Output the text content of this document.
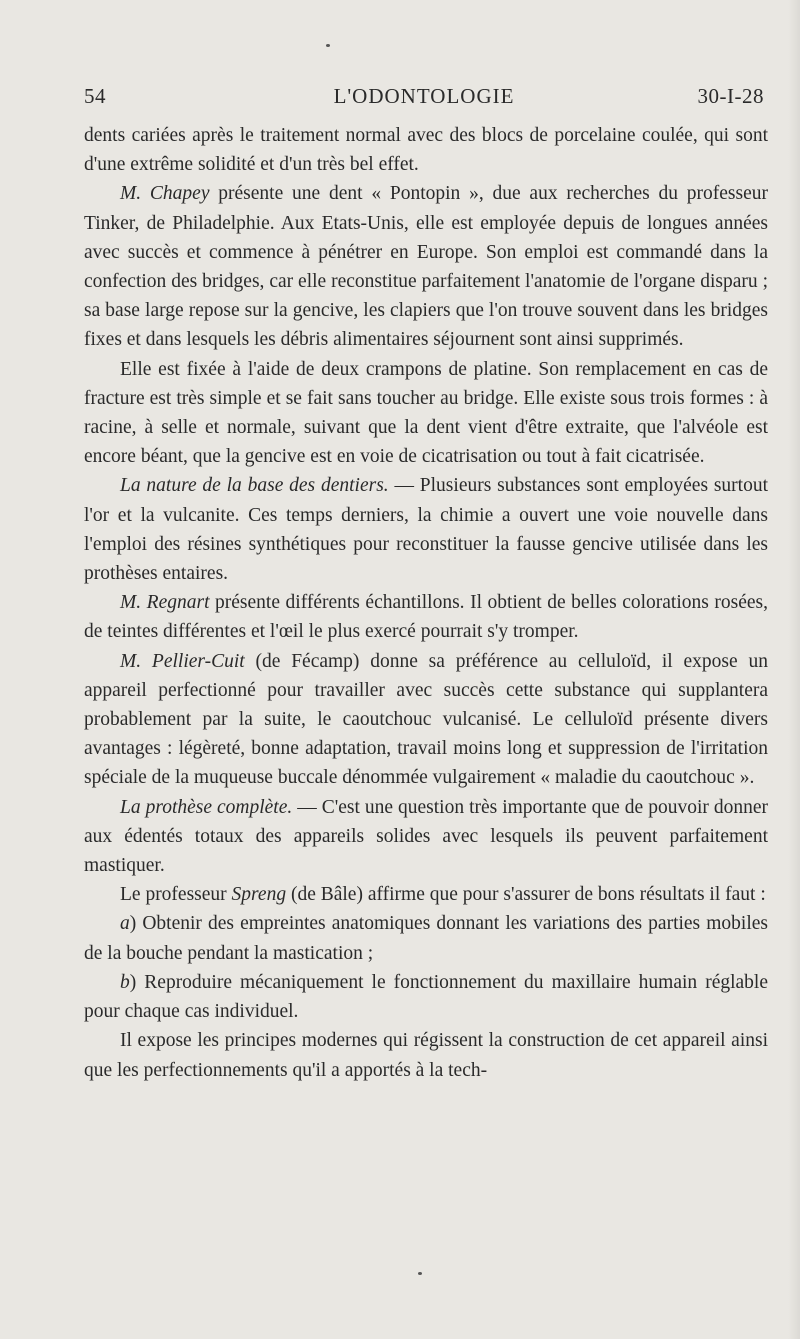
54	L'ODONTOLOGIE	30-I-28

dents cariées après le traitement normal avec des blocs de porcelaine coulée, qui sont d'une extrême solidité et d'un très bel effet.

M. Chapey présente une dent « Pontopin », due aux recherches du professeur Tinker, de Philadelphie. Aux Etats-Unis, elle est employée depuis de longues années avec succès et commence à pénétrer en Europe. Son emploi est commandé dans la confection des bridges, car elle reconstitue parfaitement l'anatomie de l'organe disparu ; sa base large repose sur la gencive, les clapiers que l'on trouve souvent dans les bridges fixes et dans lesquels les débris alimentaires séjournent sont ainsi supprimés.

Elle est fixée à l'aide de deux crampons de platine. Son remplacement en cas de fracture est très simple et se fait sans toucher au bridge. Elle existe sous trois formes : à racine, à selle et normale, suivant que la dent vient d'être extraite, que l'alvéole est encore béant, que la gencive est en voie de cicatrisation ou tout à fait cicatrisée.

La nature de la base des dentiers. — Plusieurs substances sont employées surtout l'or et la vulcanite. Ces temps derniers, la chimie a ouvert une voie nouvelle dans l'emploi des résines synthétiques pour reconstituer la fausse gencive utilisée dans les prothèses entaires.

M. Regnart présente différents échantillons. Il obtient de belles colorations rosées, de teintes différentes et l'œil le plus exercé pourrait s'y tromper.

M. Pellier-Cuit (de Fécamp) donne sa préférence au celluloïd, il expose un appareil perfectionné pour travailler avec succès cette substance qui supplantera probablement par la suite, le caoutchouc vulcanisé. Le celluloïd présente divers avantages : légèreté, bonne adaptation, travail moins long et suppression de l'irritation spéciale de la muqueuse buccale dénommée vulgairement « maladie du caoutchouc ».

La prothèse complète. — C'est une question très importante que de pouvoir donner aux édentés totaux des appareils solides avec lesquels ils peuvent parfaitement mastiquer.

Le professeur Spreng (de Bâle) affirme que pour s'assurer de bons résultats il faut :

a) Obtenir des empreintes anatomiques donnant les variations des parties mobiles de la bouche pendant la mastication ;

b) Reproduire mécaniquement le fonctionnement du maxillaire humain réglable pour chaque cas individuel.

Il expose les principes modernes qui régissent la construction de cet appareil ainsi que les perfectionnements qu'il a apportés à la tech-
